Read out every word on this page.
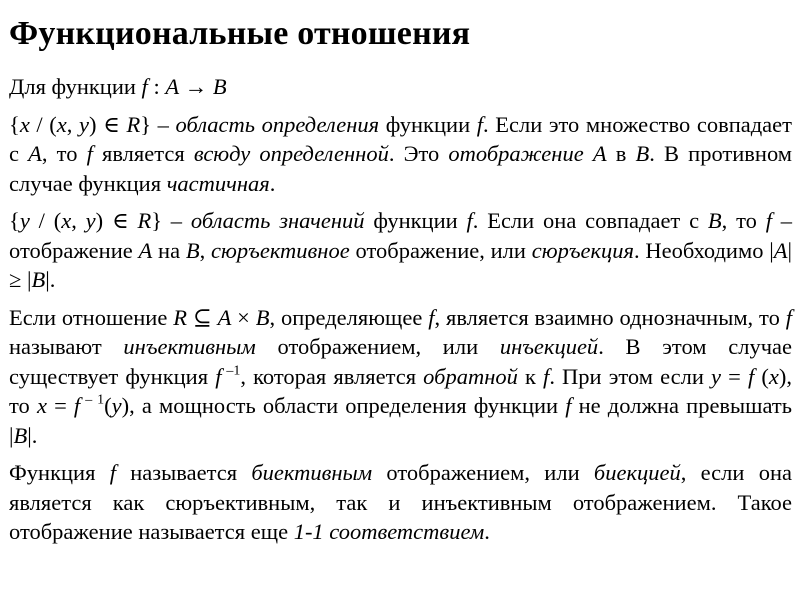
Функциональные отношения

Для функции f : A → B

{x / (x, y) ∈ R} – область определения функции f. Если это множество совпадает с A, то f является всюду определенной. Это отображение A в B. В противном случае функция частичная.

{y / (x, y) ∈ R} – область значений функции f. Если она совпадает с B, то f – отображение A на B, сюръективное отображение, или сюръекция. Необходимо |A| ≥ |B|.

Если отношение R ⊆ A × B, определяющее f, является взаимно однозначным, то f называют инъективным отображением, или инъекцией. В этом случае существует функция f $^{-1}$, которая является обратной к f. При этом если y = f (x), то x = f $^{- 1}$(y), а мощность области определения функции f не должна превышать |B|.

Функция f называется биективным отображением, или биекцией, если она является как сюръективным, так и инъективным отображением. Такое отображение называется еще 1-1 соответствием.
